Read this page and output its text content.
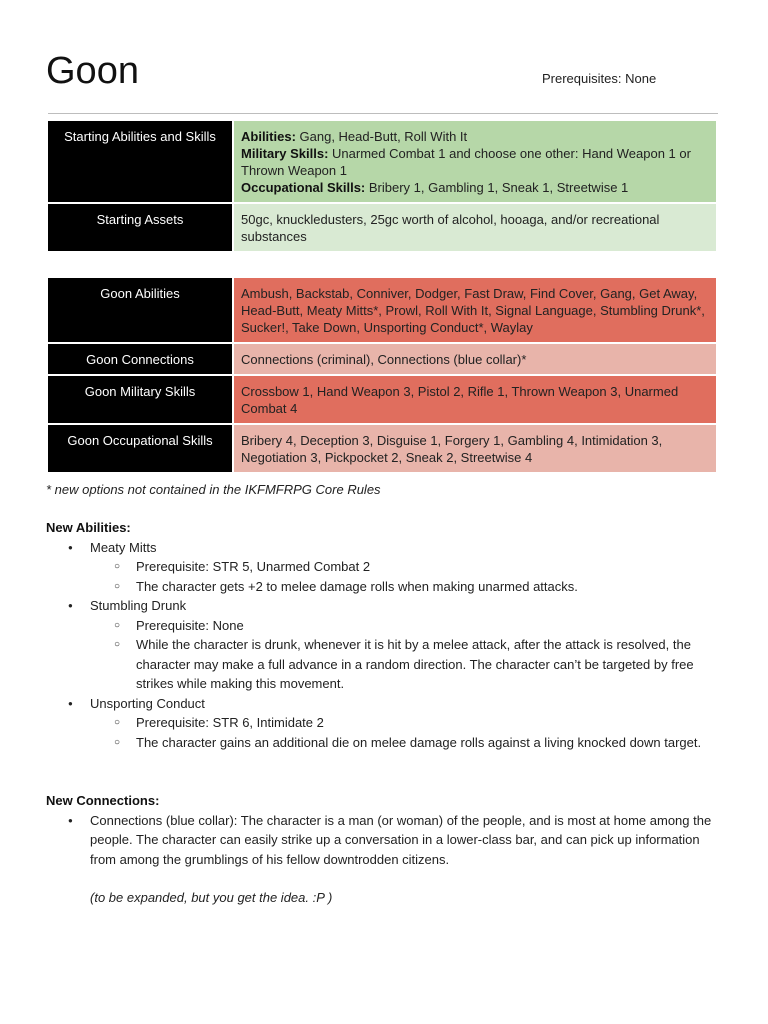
Goon	Prerequisites: None
Starting Abilities and Skills	Abilities: Gang, Head-Butt, Roll With It
Military Skills: Unarmed Combat 1 and choose one other: Hand Weapon 1 or Thrown Weapon 1
Occupational Skills: Bribery 1, Gambling 1, Sneak 1, Streetwise 1

Starting Assets	50gc, knuckledusters, 25gc worth of alcohol, hooaga, and/or recreational substances
Goon Abilities	Ambush, Backstab, Conniver, Dodger, Fast Draw, Find Cover, Gang, Get Away, Head-Butt, Meaty Mitts*, Prowl, Roll With It, Signal Language, Stumbling Drunk*, Sucker!, Take Down, Unsporting Conduct*, Waylay
Goon Connections	Connections (criminal), Connections (blue collar)*
Goon Military Skills	Crossbow 1, Hand Weapon 3, Pistol 2, Rifle 1, Thrown Weapon 3, Unarmed Combat 4
Goon Occupational Skills	Bribery 4, Deception 3, Disguise 1, Forgery 1, Gambling 4, Intimidation 3, Negotiation 3, Pickpocket 2, Sneak 2, Streetwise 4
* new options not contained in the IKFMFRPG Core Rules
New Abilities:
● Meaty Mitts
○ Prerequisite: STR 5, Unarmed Combat 2
○ The character gets +2 to melee damage rolls when making unarmed attacks.
● Stumbling Drunk
○ Prerequisite: None
○ While the character is drunk, whenever it is hit by a melee attack, after the attack is resolved, the character may make a full advance in a random direction. The character can’t be targeted by free strikes while making this movement.
● Unsporting Conduct
○ Prerequisite: STR 6, Intimidate 2
○ The character gains an additional die on melee damage rolls against a living knocked down target.
New Connections:
● Connections (blue collar): The character is a man (or woman) of the people, and is most at home among the people. The character can easily strike up a conversation in a lower-class bar, and can pick up information from among the grumblings of his fellow downtrodden citizens.
(to be expanded, but you get the idea. :P )
